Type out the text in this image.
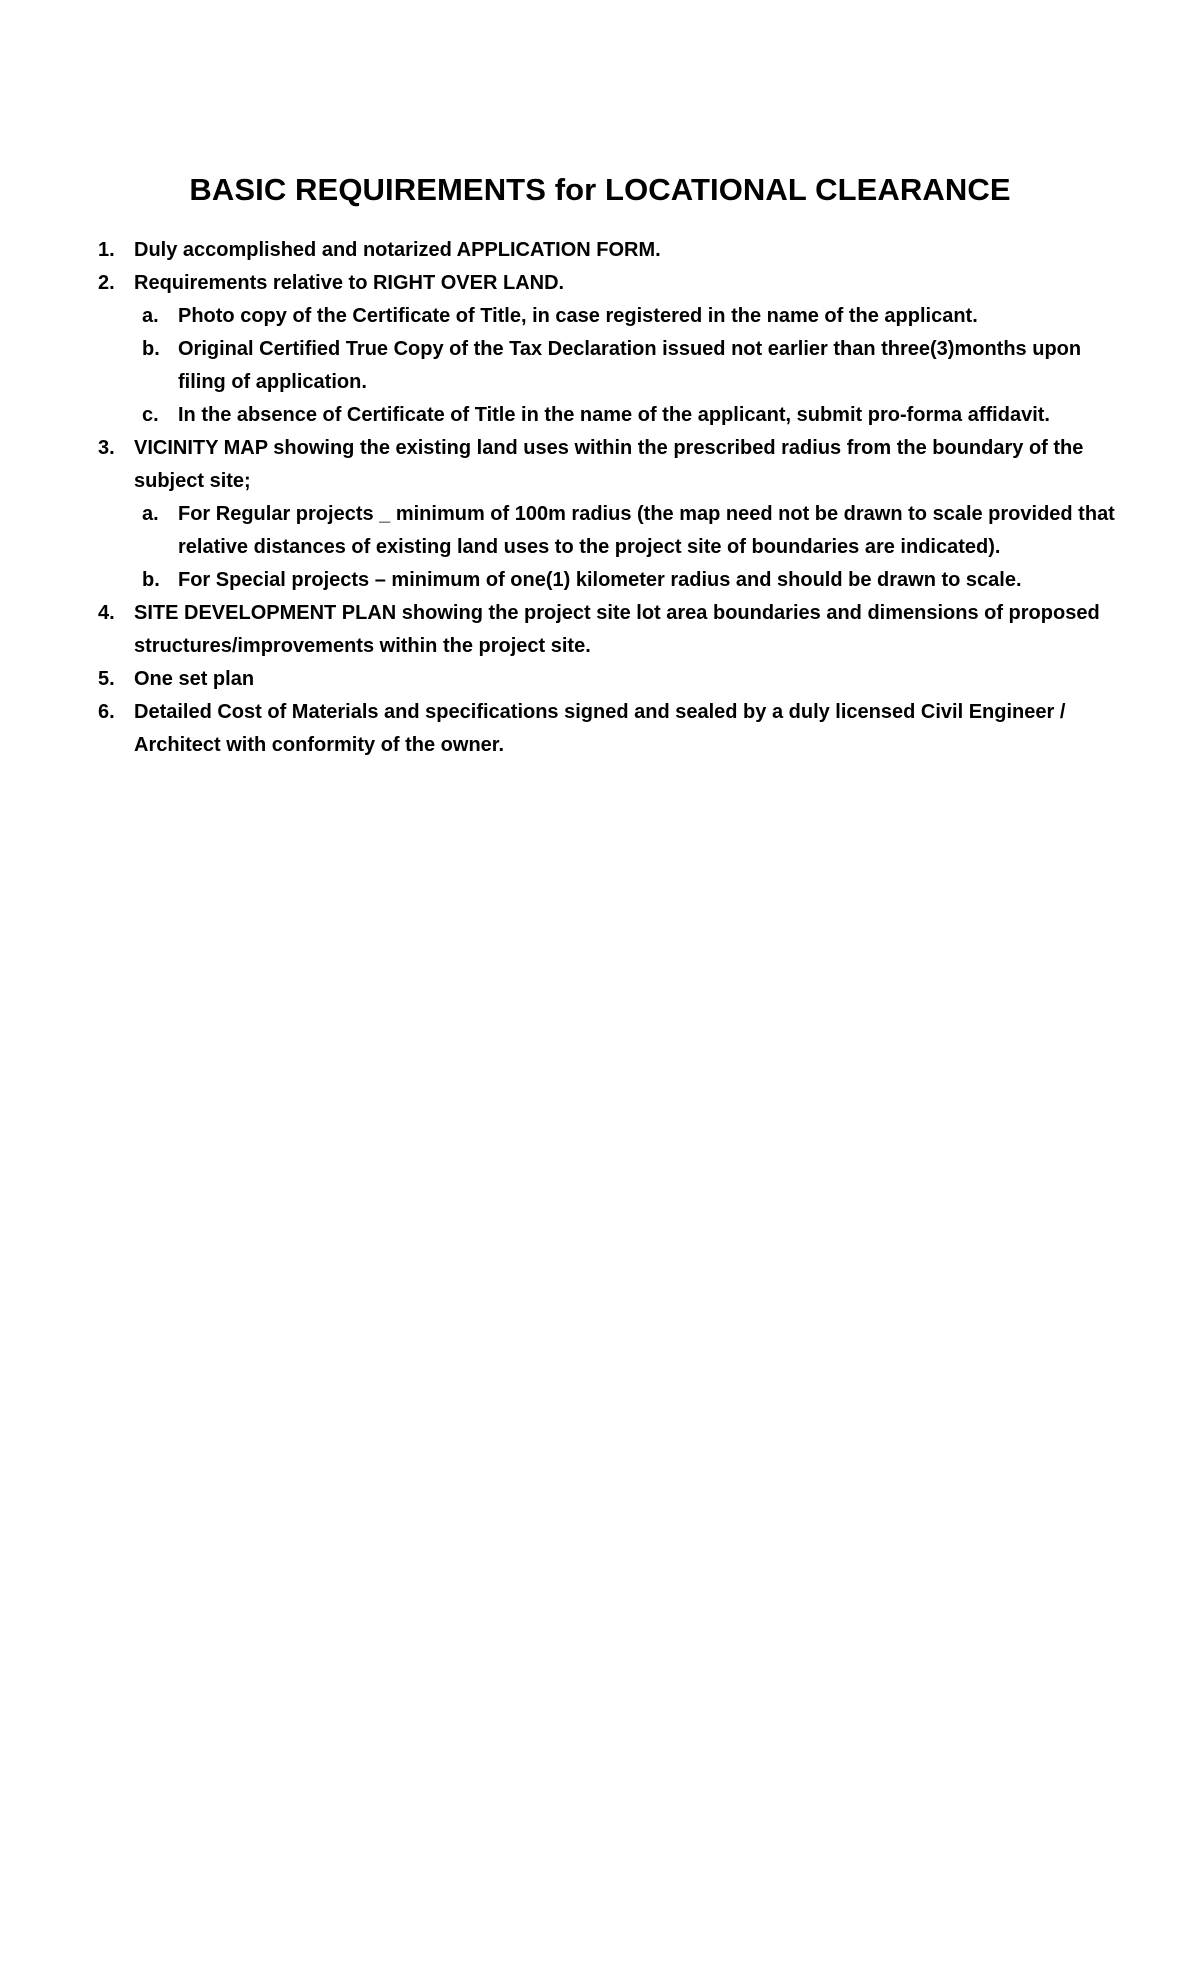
BASIC REQUIREMENTS for LOCATIONAL CLEARANCE
1. Duly accomplished and notarized APPLICATION FORM.
2. Requirements relative to RIGHT OVER LAND.
a. Photo copy of the Certificate of Title, in case registered in the name of the applicant.
b. Original Certified True Copy of the Tax Declaration issued not earlier than three(3)months upon filing of application.
c. In the absence of Certificate of Title in the name of the applicant, submit pro-forma affidavit.
3. VICINITY MAP showing the existing land uses within the prescribed radius from the boundary of the subject site;
a. For Regular projects _ minimum of 100m radius (the map need not be drawn to scale provided that relative distances of existing land uses to the project site of boundaries are indicated).
b. For Special projects – minimum of one(1) kilometer radius and should be drawn to scale.
4. SITE DEVELOPMENT PLAN showing the project site lot area boundaries and dimensions of proposed structures/improvements within the project site.
5. One set plan
6. Detailed Cost of Materials and specifications signed and sealed by a duly licensed Civil Engineer / Architect with conformity of the owner.
